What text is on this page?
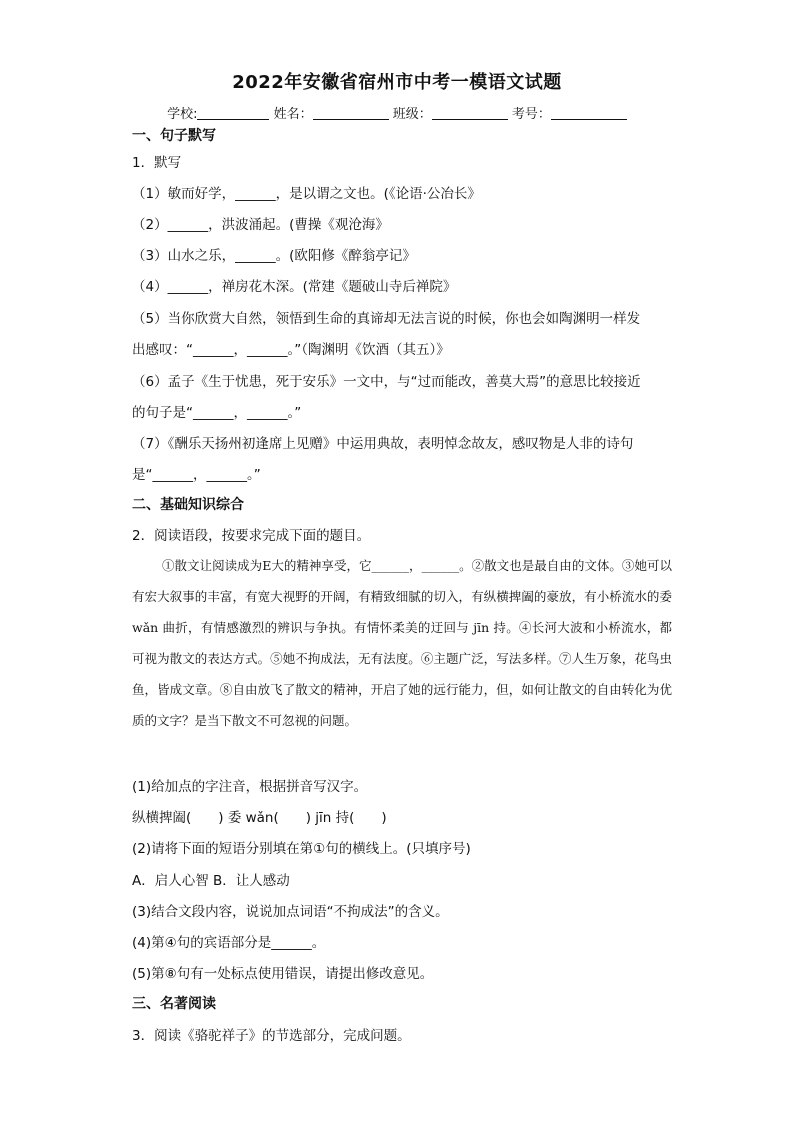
2022年安徽省宿州市中考一模语文试题
学校:	姓名：	班级：	考号：
一、句子默写
1．默写
（1）敏而好学，______，是以谓之文也。(《论语·公冶长》
（2）______，洪波涌起。(曹操《观沧海》
（3）山水之乐，______。(欧阳修《醉翁亭记》
（4）______，禅房花木深。(常建《题破山寺后禅院》
（5）当你欣赏大自然，领悟到生命的真谛却无法言说的时候，你也会如陶渊明一样发
出感叹：“______，______。”（陶渊明《饮酒（其五）》
（6）孟子《生于忧患，死于安乐》一文中，与“过而能改，善莫大焉”的意思比较接近
的句子是“______，______。”
（7）《酬乐天扬州初逢席上见赠》中运用典故，表明悼念故友，感叹物是人非的诗句
是“______，______。”
二、基础知识综合
2．阅读语段，按要求完成下面的题目。
①散文让阅读成为E大的精神享受，它______，______。②散文也是最自由的文体。③她可以有宏大叙事的丰富，有宽大视野的开阔，有精致细腻的切入，有纵横捭阖的豪放，有小桥流水的委 wǎn 曲折，有情感激烈的辨识与争执。有情怀柔美的迂回与 jīn 持。④长河大波和小桥流水，都可视为散文的表达方式。⑤她不拘成法，无有法度。⑥主题广泛，写法多样。⑦人生万象，花鸟虫鱼，皆成文章。⑧自由放飞了散文的精神，开启了她的远行能力，但，如何让散文的自由转化为优质的文字？是当下散文不可忽视的问题。
(1)给加点的字注音，根据拼音写汉字。
纵横捭阖(　　) 委 wǎn(　　) jīn 持(　　)
(2)请将下面的短语分别填在第①句的横线上。(只填序号)
A．启人心智 B．让人感动
(3)结合文段内容，说说加点词语“不拘成法”的含义。
(4)第④句的宾语部分是______。
(5)第⑧句有一处标点使用错误，请提出修改意见。
三、名著阅读
3．阅读《骆驼祥子》的节选部分，完成问题。
